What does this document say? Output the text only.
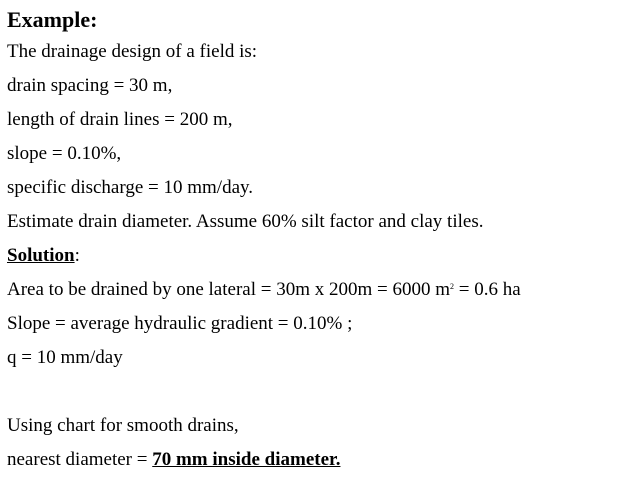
Example:
The drainage design of a field is:
drain spacing = 30 m,
length of drain lines = 200 m,
slope = 0.10%,
specific discharge = 10 mm/day.
Estimate drain diameter. Assume 60% silt factor and clay tiles.
Solution:
Area to be drained by one lateral = 30m x 200m = 6000 $m^2 = 0.6$ ha
Slope = average hydraulic gradient = 0.10% ;
q = 10 mm/day
Using chart for smooth drains,
nearest diameter = 70 mm inside diameter.
